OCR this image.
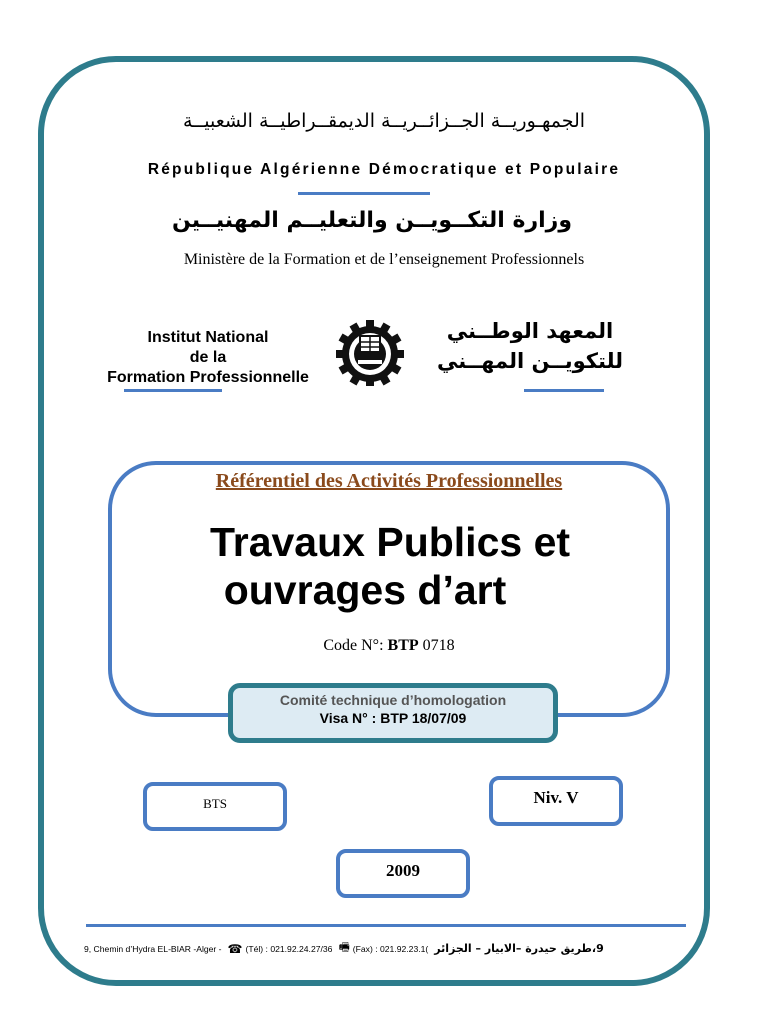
الجمهـوريــة الجــزائــريــة الديمقــراطيــة الشعبيــة
République Algérienne Démocratique et Populaire
وزارة التكــويــن والتعليــم المهنيــين
Ministère de la Formation et de l’enseignement Professionnels
Institut National
de la
Formation Professionnelle
المعهد الوطــني
للتكويــن المهــني
Référentiel des Activités Professionnelles
Travaux Publics et
ouvrages d’art
Code N°: BTP 0718
Comité technique d’homologation
Visa N° : BTP 18/07/09
BTS	Niv. V
2009
9, Chemin d’Hydra EL-BIAR -Alger - ☎ (Tél) : 021.92.24.27/36 🖷 (Fax) : 021.92.23.1( 9،طريق حيدرة –الابيار – الجزائر
